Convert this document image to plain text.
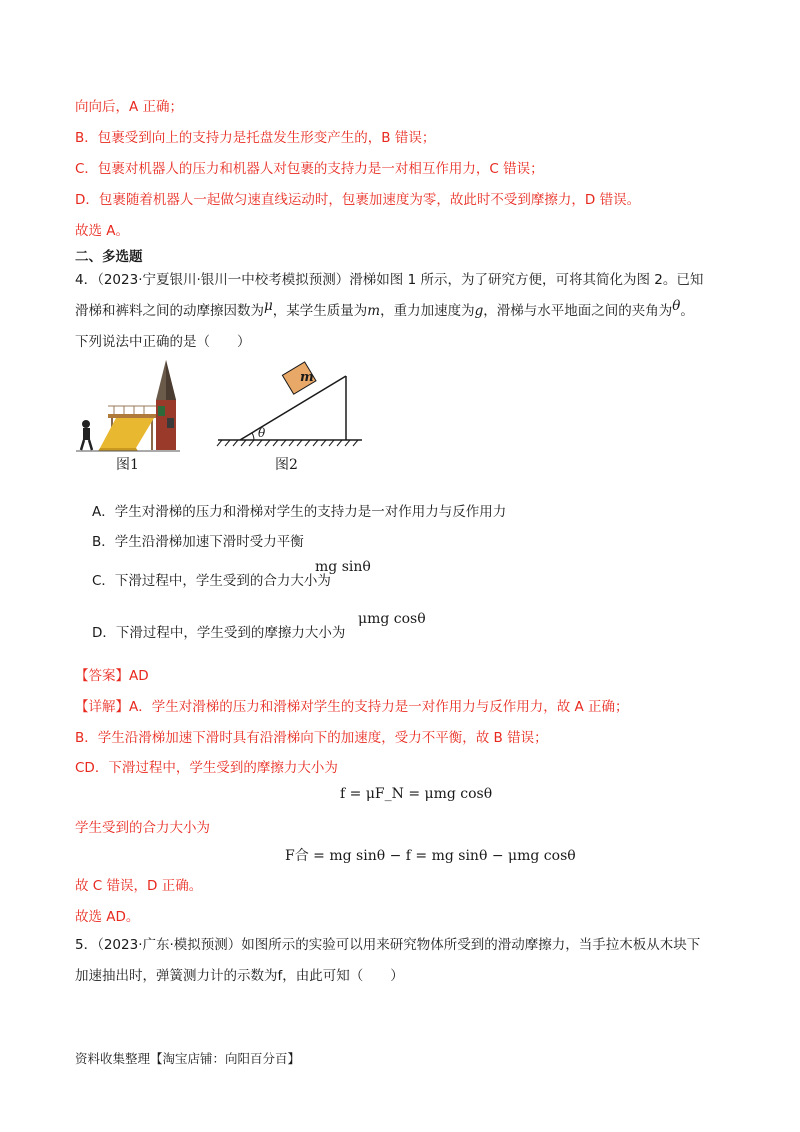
向向后，A 正确；
B．包裹受到向上的支持力是托盘发生形变产生的，B 错误；
C．包裹对机器人的压力和机器人对包裹的支持力是一对相互作用力，C 错误；
D．包裹随着机器人一起做匀速直线运动时，包裹加速度为零，故此时不受到摩擦力，D 错误。
故选 A。
二、多选题
4．（2023·宁夏银川·银川一中校考模拟预测）滑梯如图 1 所示，为了研究方便，可将其简化为图 2。已知
滑梯和裤料之间的动摩擦因数为μ，某学生质量为m，重力加速度为g，滑梯与水平地面之间的夹角为θ。
下列说法中正确的是（　　）
m
θ
图1	图2
A．学生对滑梯的压力和滑梯对学生的支持力是一对作用力与反作用力
B．学生沿滑梯加速下滑时受力平衡
C．下滑过程中，学生受到的合力大小为
mg sinθ
D．下滑过程中，学生受到的摩擦力大小为
μmg cosθ
【答案】AD
【详解】A．学生对滑梯的压力和滑梯对学生的支持力是一对作用力与反作用力，故 A 正确；
B．学生沿滑梯加速下滑时具有沿滑梯向下的加速度，受力不平衡，故 B 错误；
CD．下滑过程中，学生受到的摩擦力大小为
f = μF_N = μmg cosθ
学生受到的合力大小为
F合 = mg sinθ − f = mg sinθ − μmg cosθ
故 C 错误，D 正确。
故选 AD。
5．（2023·广东·模拟预测）如图所示的实验可以用来研究物体所受到的滑动摩擦力，当手拉木板从木块下
加速抽出时，弹簧测力计的示数为f，由此可知（　　）
资料收集整理【淘宝店铺：向阳百分百】
